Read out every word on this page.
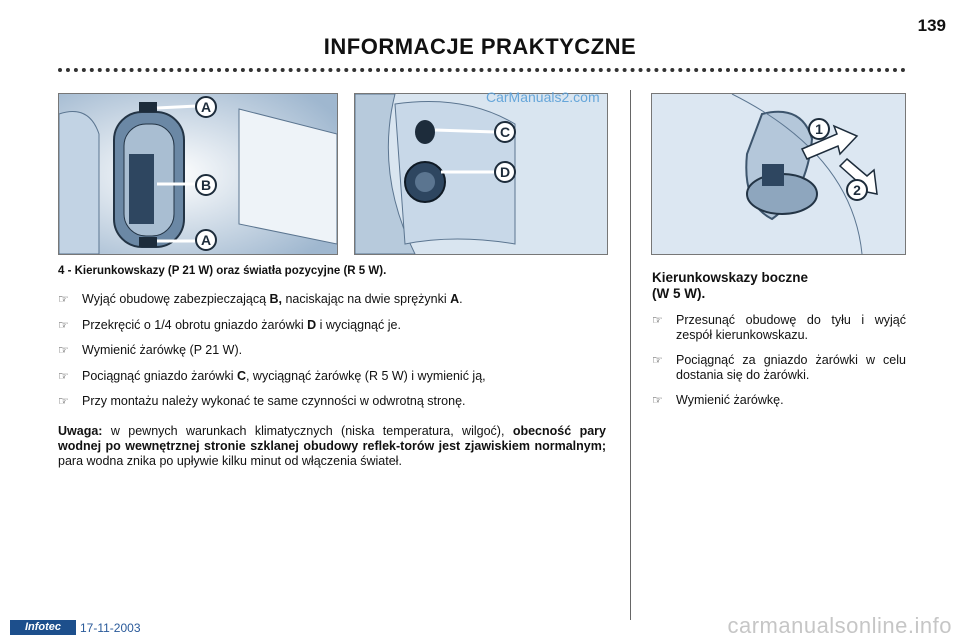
139
INFORMACJE PRAKTYCZNE
A
B
A
C
D
CarManuals2.com
1
2
4 - Kierunkowskazy (P 21 W) oraz światła pozycyjne (R 5 W).
☞ Wyjąć obudowę zabezpieczającą B, naciskając na dwie sprężynki A.
☞ Przekręcić o 1/4 obrotu gniazdo żarówki D i wyciągnąć je.
☞ Wymienić żarówkę (P 21 W).
☞ Pociągnąć gniazdo żarówki C, wyciągnąć żarówkę (R 5 W) i wymienić ją,
☞ Przy montażu należy wykonać te same czynności w odwrotną stronę.
Uwaga: w pewnych warunkach klimatycznych (niska temperatura, wilgoć), obecność pary wodnej po wewnętrznej stronie szklanej obudowy reflek-torów jest zjawiskiem normalnym; para wodna znika po upływie kilku minut od włączenia świateł.
Kierunkowskazy boczne
(W 5 W).
☞ Przesunąć obudowę do tyłu i wyjąć zespół kierunkowskazu.
☞ Pociągnąć za gniazdo żarówki w celu dostania się do żarówki.
☞ Wymienić żarówkę.
Infotec	17-11-2003	carmanualsonline.info
